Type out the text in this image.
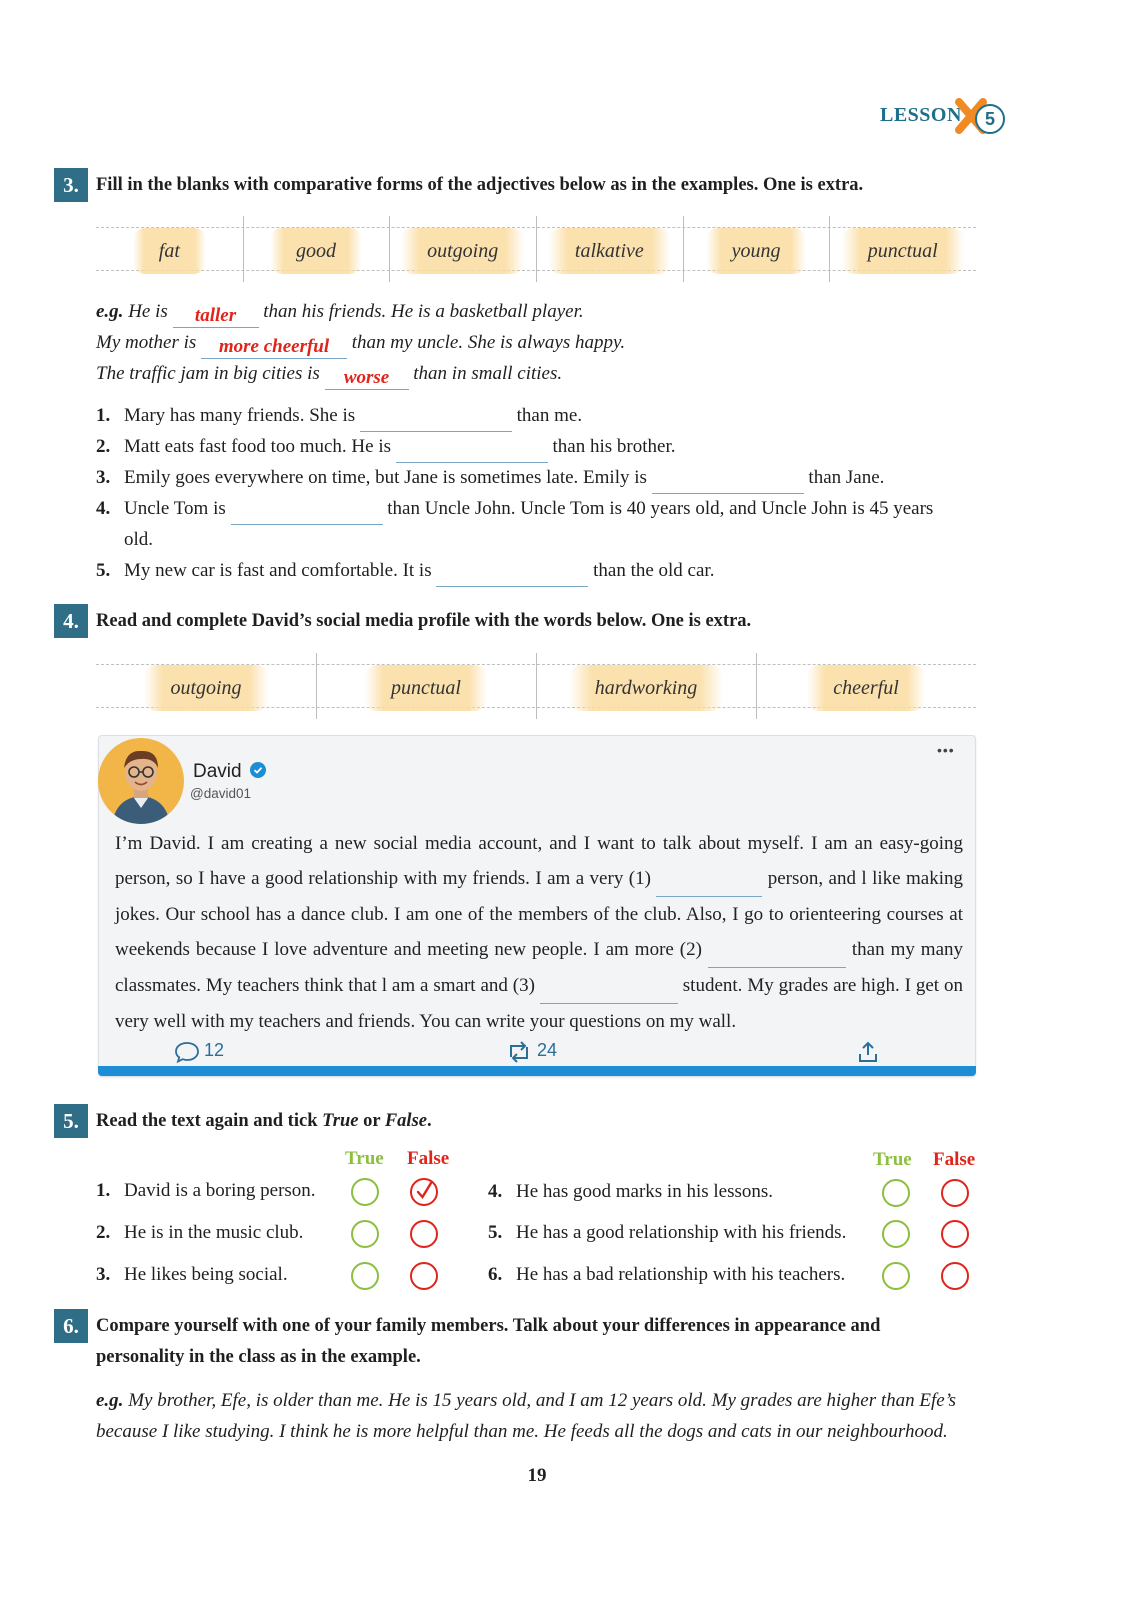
LESSON	5
3. Fill in the blanks with comparative forms of the adjectives below as in the examples. One is extra.
fat	good	outgoing	talkative	young	punctual
e.g. He is	taller	than his friends. He is a basketball player.
My mother is	more cheerful	than my uncle. She is always happy.
The traffic jam in big cities is	worse	than in small cities.
1. Mary has many friends. She is	than me.
2. Matt eats fast food too much. He is	than his brother.
3. Emily goes everywhere on time, but Jane is sometimes late. Emily is	than Jane.
4. Uncle Tom is	than Uncle John. Uncle Tom is 40 years old, and Uncle John is 45 years
old.
5. My new car is fast and comfortable. It is	than the old car.
4. Read and complete David’s social media profile with the words below. One is extra.
outgoing	punctual	hardworking	cheerful
David
@david01
•••
I’m David. I am creating a new social media account, and I want to talk about myself. I am an easy-going person, so I have a good relationship with my friends. I am a very (1)	person, and l like making jokes. Our school has a dance club. I am one of the members of the club. Also, I go to orienteering courses at weekends because I love adventure and meeting new people. I am more (2)	than my many classmates. My teachers think that l am a smart and (3)	student. My grades are high. I get on very well with my teachers and friends. You can write your questions on my wall.
12	24
5. Read the text again and tick True or False.
True False	True False
1. David is a boring person.
2. He is in the music club.
3. He likes being social.
4. He has good marks in his lessons.
5. He has a good relationship with his friends.
6. He has a bad relationship with his teachers.
6. Compare yourself with one of your family members. Talk about your differences in appearance and
personality in the class as in the example.
e.g. My brother, Efe, is older than me. He is 15 years old, and I am 12 years old. My grades are higher than Efe’s
because I like studying. I think he is more helpful than me. He feeds all the dogs and cats in our neighbourhood.
19
